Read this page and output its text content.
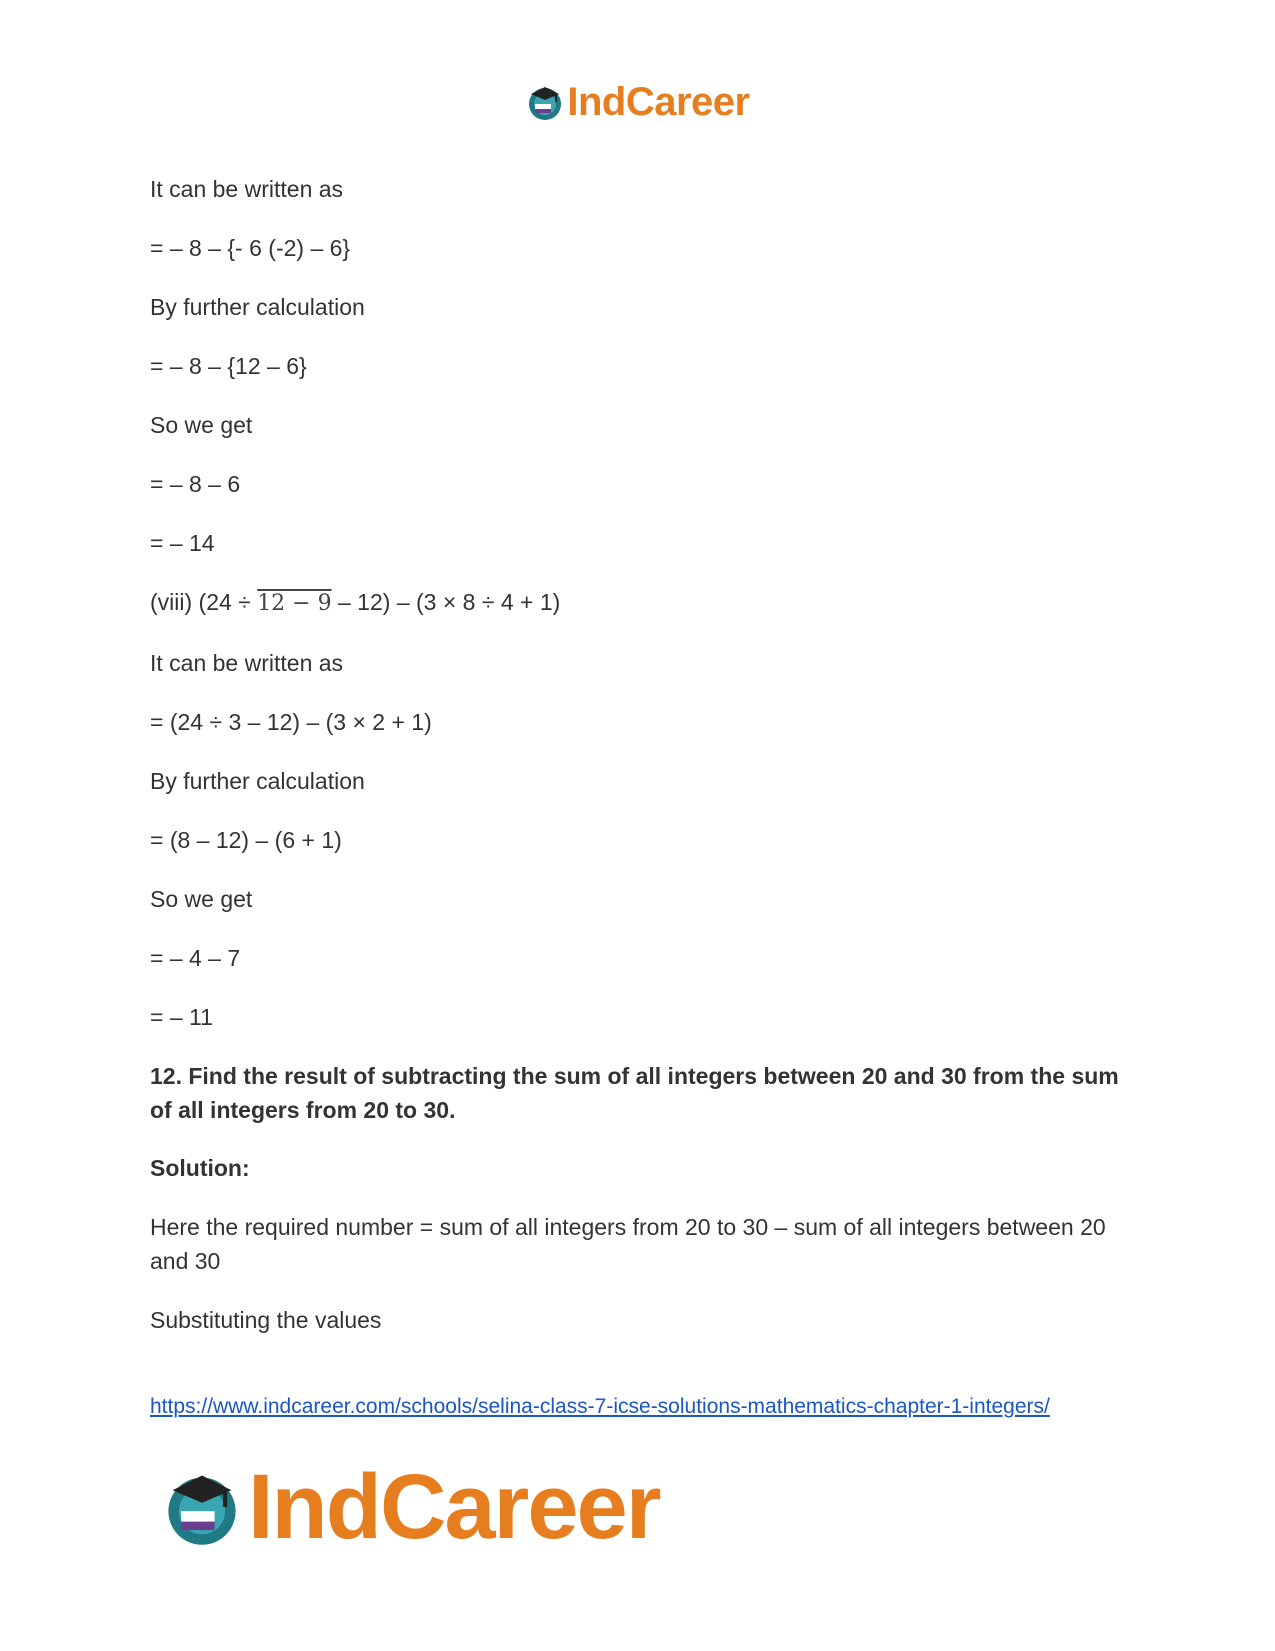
IndCareer
It can be written as
= – 8 – {- 6 (-2) – 6}
By further calculation
= – 8 – {12 – 6}
So we get
= – 8 – 6
= – 14
(viii) (24 ÷ 12 − 9 – 12) – (3 × 8 ÷ 4 + 1)
It can be written as
= (24 ÷ 3 – 12) – (3 × 2 + 1)
By further calculation
= (8 – 12) – (6 + 1)
So we get
= – 4 – 7
= – 11
12. Find the result of subtracting the sum of all integers between 20 and 30 from the sum of all integers from 20 to 30.
Solution:
Here the required number = sum of all integers from 20 to 30 – sum of all integers between 20 and 30
Substituting the values
https://www.indcareer.com/schools/selina-class-7-icse-solutions-mathematics-chapter-1-integers/
IndCareer
